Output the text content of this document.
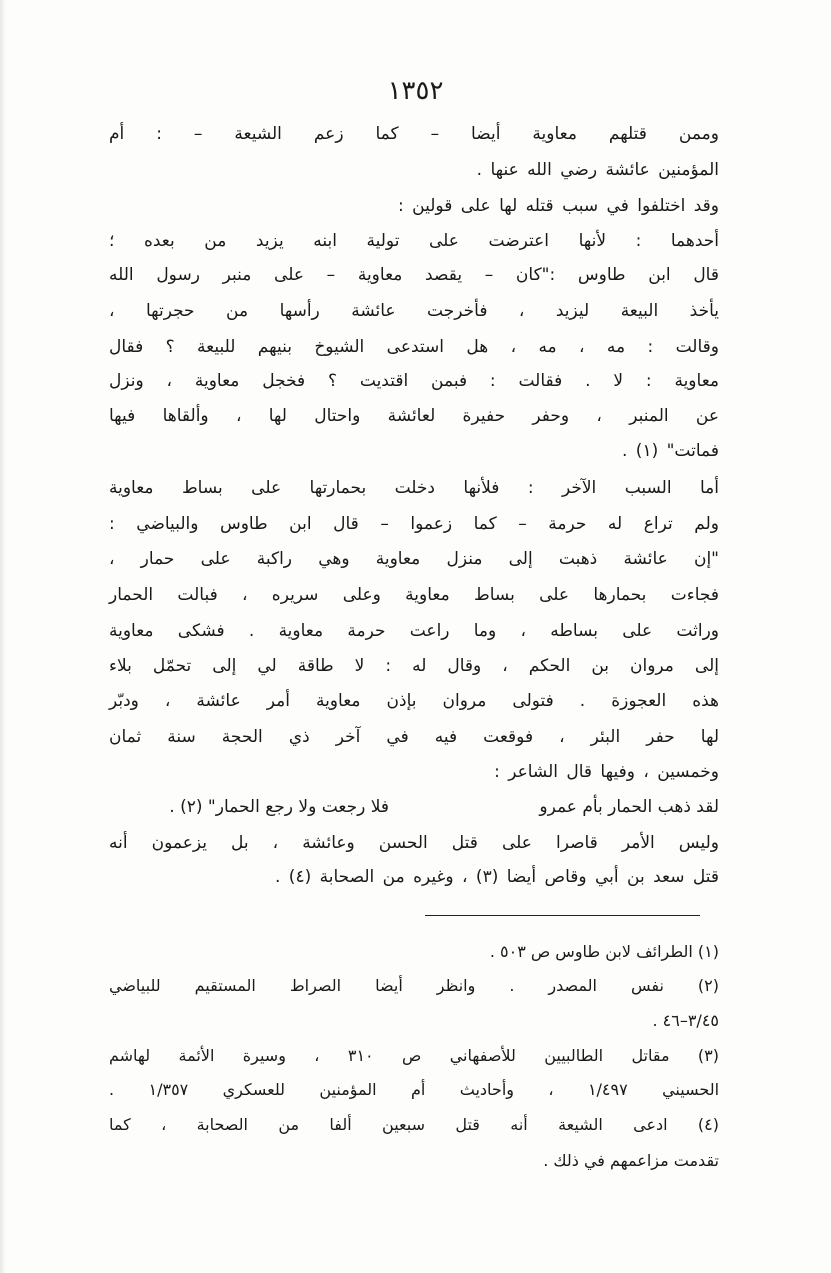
١٣٥٢
وممن قتلهم معاوية أيضا – كما زعم الشيعة – : أم
المؤمنين عائشة رضي الله عنها .
وقد اختلفوا في سبب قتله لها على قولين :
أحدهما : لأنها اعترضت على تولية ابنه يزيد من بعده ؛
قال ابن طاوس :"كان – يقصد معاوية – على منبر رسول الله
يأخذ البيعة ليزيد ، فأخرجت عائشة رأسها من حجرتها ،
وقالت : مه ، مه ، هل استدعى الشيوخ بنيهم للبيعة ؟ فقال
معاوية : لا . فقالت : فبمن اقتديت ؟ فخجل معاوية ، ونزل
عن المنبر ، وحفر حفيرة لعائشة واحتال لها ، وألقاها فيها
فماتت" (١) .
أما السبب الآخر : فلأنها دخلت بحمارتها على بساط معاوية
ولم تراع له حرمة – كما زعموا – قال ابن طاوس والبياضي :
"إن عائشة ذهبت إلى منزل معاوية وهي راكبة على حمار ،
فجاءت بحمارها على بساط معاوية وعلى سريره ، فبالت الحمار
وراثت على بساطه ، وما راعت حرمة معاوية . فشكى معاوية
إلى مروان بن الحكم ، وقال له : لا طاقة لي إلى تحمّل بلاء
هذه العجوزة . فتولى مروان بإذن معاوية أمر عائشة ، ودبّر
لها حفر البئر ، فوقعت فيه في آخر ذي الحجة سنة ثمان
وخمسين ، وفيها قال الشاعر :
لقد ذهب الحمار بأم عمرو
فلا رجعت ولا رجع الحمار" (٢) .
وليس الأمر قاصرا على قتل الحسن وعائشة ، بل يزعمون أنه
قتل سعد بن أبي وقاص أيضا (٣) ، وغيره من الصحابة (٤) .
(١) الطرائف لابن طاوس ص ٥٠٣ .
(٢) نفس المصدر . وانظر أيضا الصراط المستقيم للبياضي
٣/٤٥–٤٦ .
(٣) مقاتل الطالبيين للأصفهاني ص ٣١٠ ، وسيرة الأئمة لهاشم
الحسيني ١/٤٩٧ ، وأحاديث أم المؤمنين للعسكري ١/٣٥٧ .
(٤) ادعى الشيعة أنه قتل سبعين ألفا من الصحابة ، كما
تقدمت مزاعمهم في ذلك .
